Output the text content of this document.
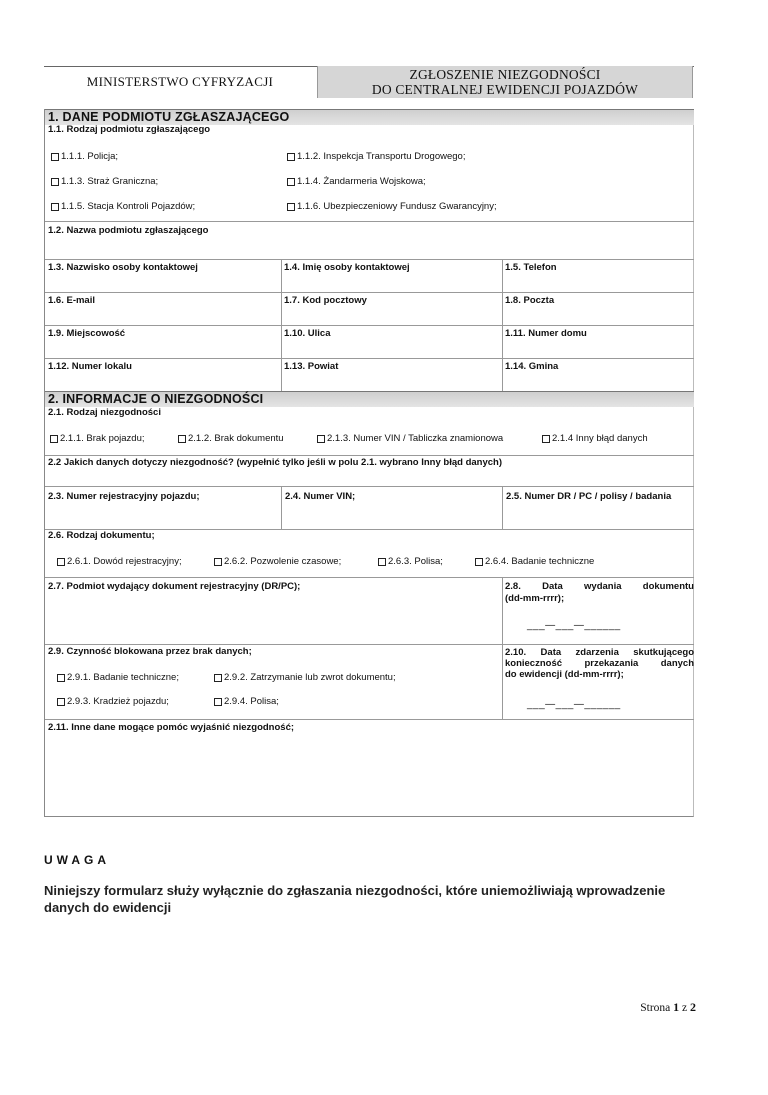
MINISTERSTWO CYFRYZACJI	ZGŁOSZENIE NIEZGODNOŚCI
DO CENTRALNEJ EWIDENCJI POJAZDÓW
1. DANE PODMIOTU ZGŁASZAJĄCEGO
1.1. Rodzaj podmiotu zgłaszającego
1.1.1. Policja;	1.1.2. Inspekcja Transportu Drogowego;
1.1.3. Straż Graniczna;	1.1.4. Żandarmeria Wojskowa;
1.1.5. Stacja Kontroli Pojazdów;	1.1.6. Ubezpieczeniowy Fundusz Gwarancyjny;
1.2. Nazwa podmiotu zgłaszającego
1.3. Nazwisko osoby kontaktowej	1.4. Imię osoby kontaktowej	1.5. Telefon
1.6. E-mail	1.7. Kod pocztowy	1.8. Poczta
1.9. Miejscowość	1.10. Ulica	1.11. Numer domu
1.12. Numer lokalu	1.13. Powiat	1.14. Gmina
2. INFORMACJE O NIEZGODNOŚCI
2.1. Rodzaj niezgodności
2.1.1. Brak pojazdu;	2.1.2. Brak dokumentu	2.1.3. Numer VIN / Tabliczka znamionowa	2.1.4 Inny błąd danych
2.2 Jakich danych dotyczy niezgodność? (wypełnić tylko jeśli w polu 2.1. wybrano Inny błąd danych)
2.3. Numer rejestracyjny pojazdu;	2.4. Numer VIN;	2.5. Numer DR / PC / polisy / badania
2.6. Rodzaj dokumentu;
2.6.1. Dowód rejestracyjny;	2.6.2. Pozwolenie czasowe;	2.6.3. Polisa;	2.6.4. Badanie techniczne
2.7. Podmiot wydający dokument rejestracyjny (DR/PC);	2.8. Data wydania dokumentu
(dd-mm-rrrr);
___—___—______
2.9. Czynność blokowana przez brak danych;
2.9.1. Badanie techniczne;	2.9.2. Zatrzymanie lub zwrot dokumentu;
2.9.3. Kradzież pojazdu;	2.9.4. Polisa;
2.10. Data zdarzenia skutkującego
konieczność przekazania danych
do ewidencji (dd-mm-rrrr);
___—___—______
2.11. Inne dane mogące pomóc wyjaśnić niezgodność;
UWAGA
Niniejszy formularz służy wyłącznie do zgłaszania niezgodności, które uniemożliwiają wprowadzenie danych do ewidencji
Strona 1 z 2
